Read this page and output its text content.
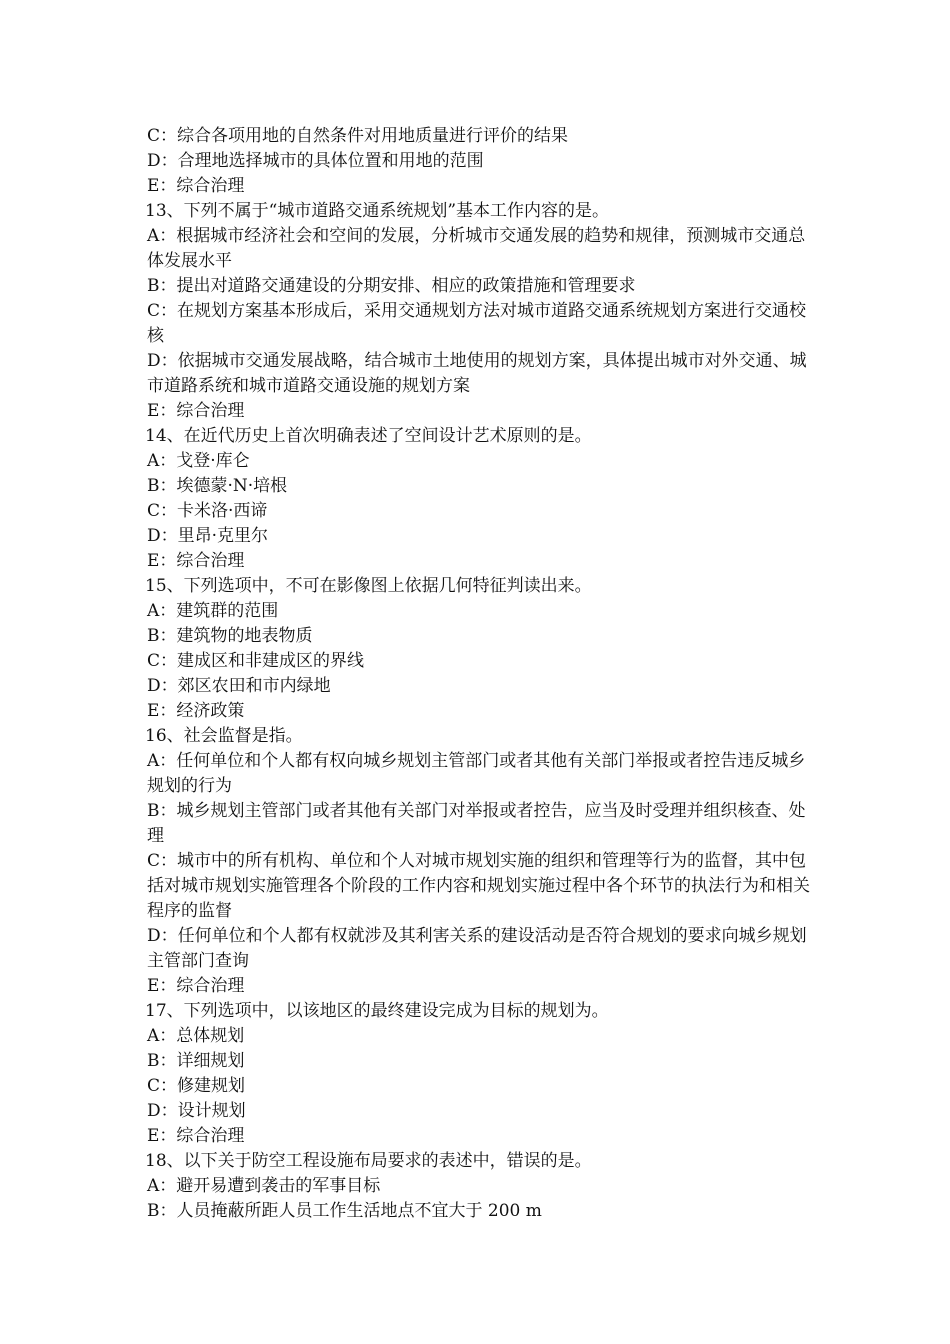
C：综合各项用地的自然条件对用地质量进行评价的结果
D：合理地选择城市的具体位置和用地的范围
E：综合治理
13、下列不属于“城市道路交通系统规划”基本工作内容的是。
A：根据城市经济社会和空间的发展，分析城市交通发展的趋势和规律，预测城市交通总体发展水平
B：提出对道路交通建设的分期安排、相应的政策措施和管理要求
C：在规划方案基本形成后，采用交通规划方法对城市道路交通系统规划方案进行交通校核
D：依据城市交通发展战略，结合城市土地使用的规划方案，具体提出城市对外交通、城市道路系统和城市道路交通设施的规划方案
E：综合治理
14、在近代历史上首次明确表述了空间设计艺术原则的是。
A：戈登·库仑
B：埃德蒙·N·培根
C：卡米洛·西谛
D：里昂·克里尔
E：综合治理
15、下列选项中，不可在影像图上依据几何特征判读出来。
A：建筑群的范围
B：建筑物的地表物质
C：建成区和非建成区的界线
D：郊区农田和市内绿地
E：经济政策
16、社会监督是指。
A：任何单位和个人都有权向城乡规划主管部门或者其他有关部门举报或者控告违反城乡规划的行为
B：城乡规划主管部门或者其他有关部门对举报或者控告，应当及时受理并组织核查、处理
C：城市中的所有机构、单位和个人对城市规划实施的组织和管理等行为的监督，其中包括对城市规划实施管理各个阶段的工作内容和规划实施过程中各个环节的执法行为和相关程序的监督
D：任何单位和个人都有权就涉及其利害关系的建设活动是否符合规划的要求向城乡规划主管部门查询
E：综合治理
17、下列选项中，以该地区的最终建设完成为目标的规划为。
A：总体规划
B：详细规划
C：修建规划
D：设计规划
E：综合治理
18、以下关于防空工程设施布局要求的表述中，错误的是。
A：避开易遭到袭击的军事目标
B：人员掩蔽所距人员工作生活地点不宜大于 200 m
